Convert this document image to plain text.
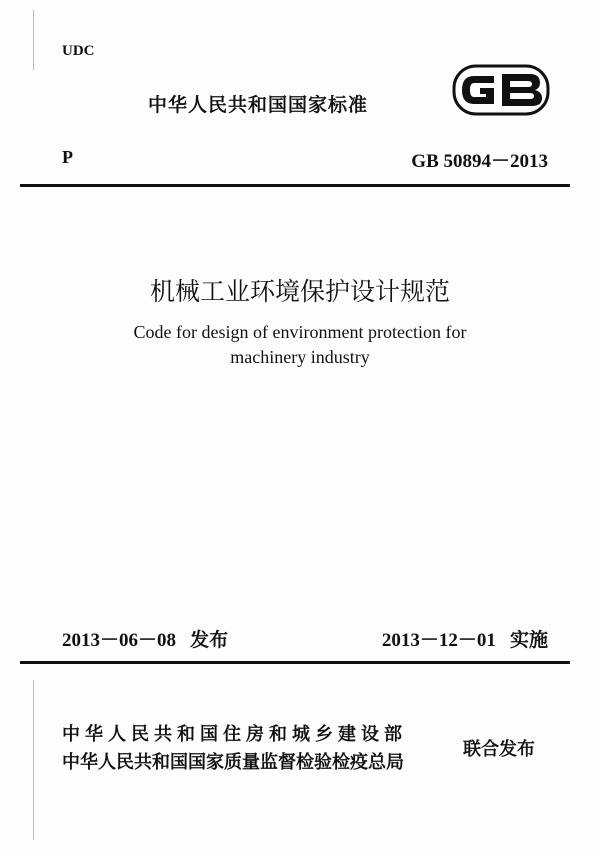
UDC
中华人民共和国国家标准
P	GB 50894－2013
机械工业环境保护设计规范
Code for design of environment protection for
machinery industry
2013－06－08 发布	2013－12－01 实施
中华人民共和国住房和城乡建设部
中华人民共和国国家质量监督检验检疫总局
联合发布
